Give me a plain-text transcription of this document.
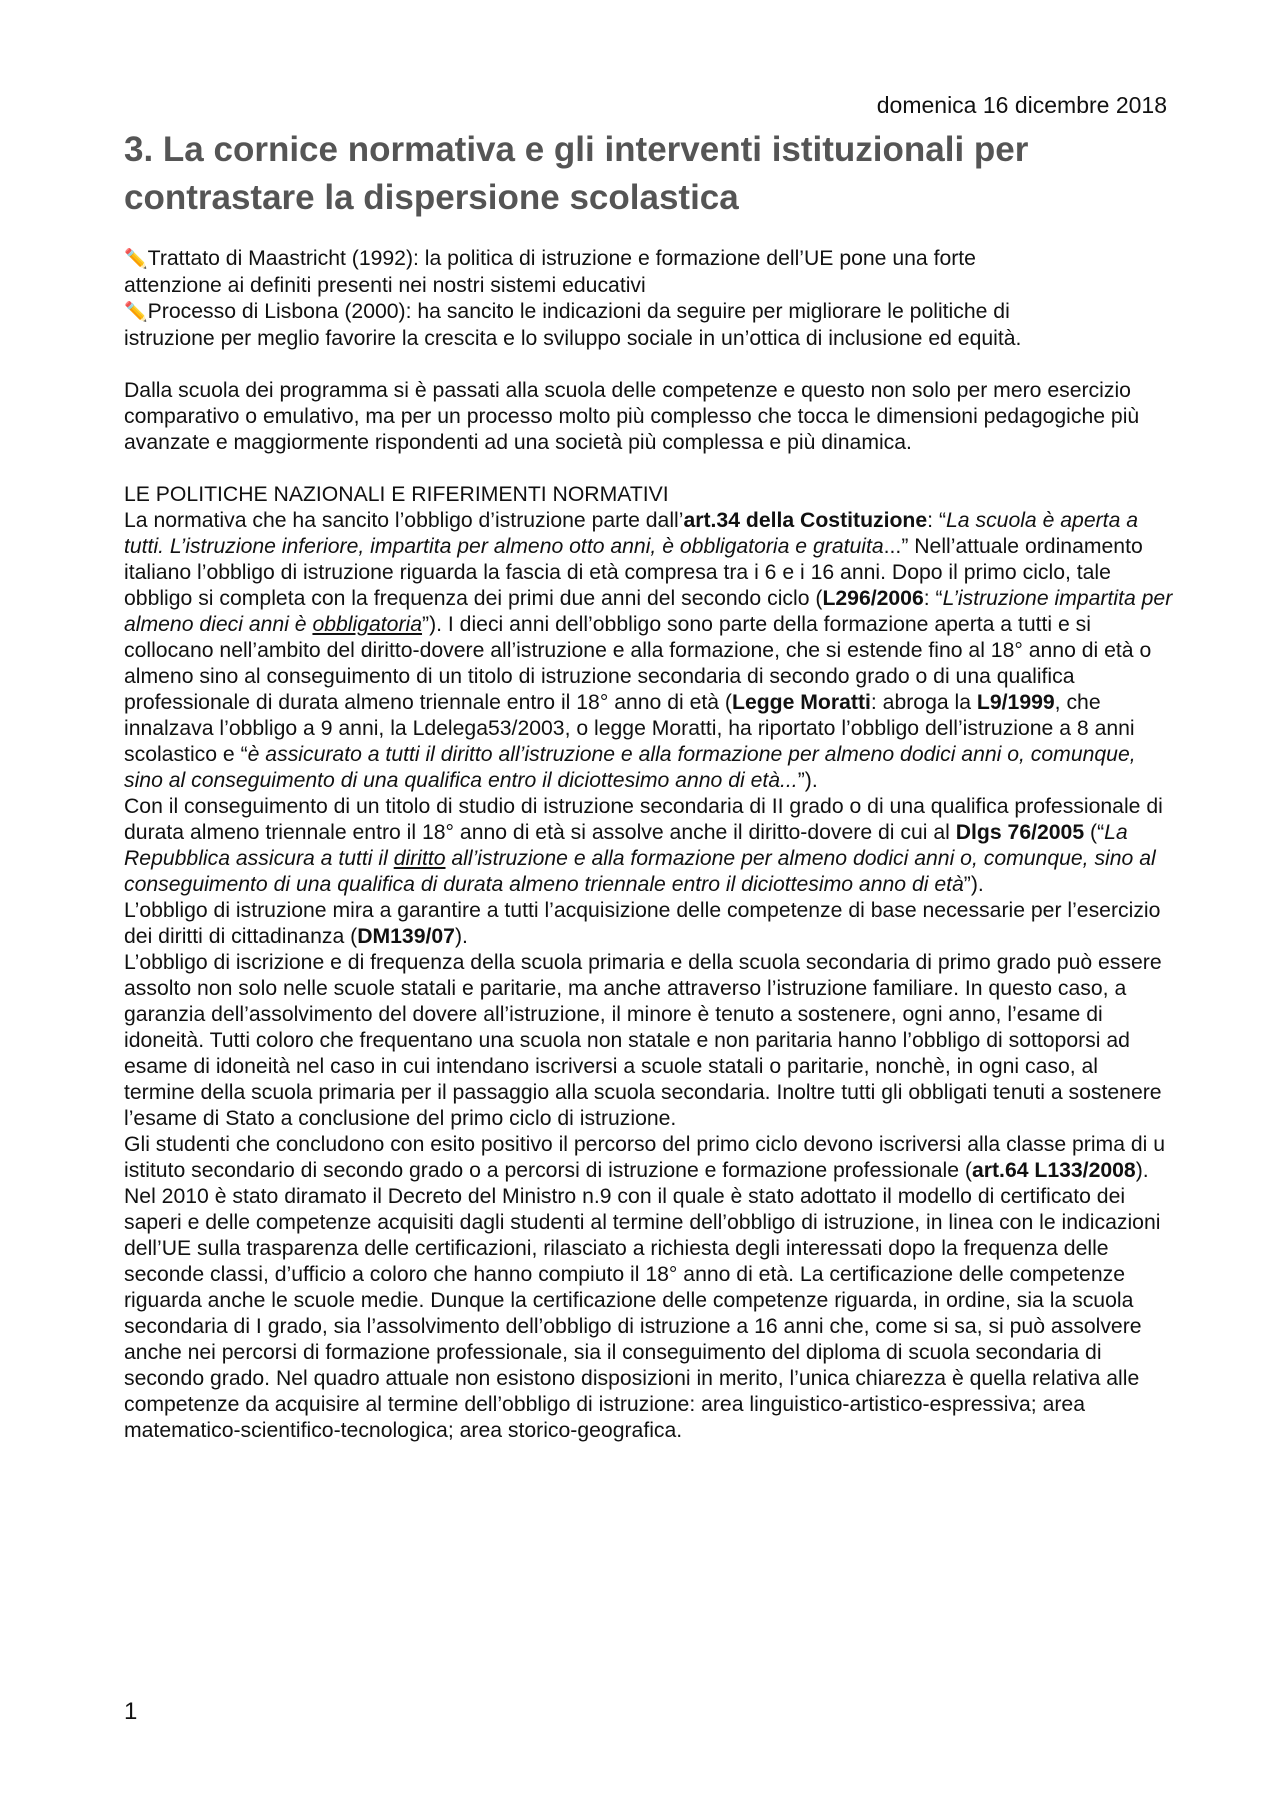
domenica 16 dicembre 2018
3. La cornice normativa e gli interventi istituzionali per contrastare la dispersione scolastica

✏️Trattato di Maastricht (1992): la politica di istruzione e formazione dell’UE pone una forte
attenzione ai definiti presenti nei nostri sistemi educativi

✏️Processo di Lisbona (2000): ha sancito le indicazioni da seguire per migliorare le politiche di
istruzione per meglio favorire la crescita e lo sviluppo sociale in un’ottica di inclusione ed equità.

Dalla scuola dei programma si è passati alla scuola delle competenze e questo non solo per mero esercizio comparativo o emulativo, ma per un processo molto più complesso che tocca le dimensioni pedagogiche più avanzate e maggiormente rispondenti ad una società più complessa e più dinamica.

LE POLITICHE NAZIONALI E RIFERIMENTI NORMATIVI

La normativa che ha sancito l’obbligo d’istruzione parte dall’art.34 della Costituzione: “La scuola è aperta a tutti. L’istruzione inferiore, impartita per almeno otto anni, è obbligatoria e gratuita...” Nell’attuale ordinamento italiano l’obbligo di istruzione riguarda la fascia di età compresa tra i 6 e i 16 anni. Dopo il primo ciclo, tale obbligo si completa con la frequenza dei primi due anni del secondo ciclo (L296/2006: “L’istruzione impartita per almeno dieci anni è obbligatoria”). I dieci anni dell’obbligo sono parte della formazione aperta a tutti e si collocano nell’ambito del diritto-dovere all’istruzione e alla formazione, che si estende fino al 18° anno di età o almeno sino al conseguimento di un titolo di istruzione secondaria di secondo grado o di una qualifica professionale di durata almeno triennale entro il 18° anno di età (Legge Moratti: abroga la L9/1999, che innalzava l’obbligo a 9 anni, la Ldelega53/2003, o legge Moratti, ha riportato l’obbligo dell’istruzione a 8 anni scolastico e “è assicurato a tutti il diritto all’istruzione e alla formazione per almeno dodici anni o, comunque, sino al conseguimento di una qualifica entro il diciottesimo anno di età...”).

Con il conseguimento di un titolo di studio di istruzione secondaria di II grado o di una qualifica professionale di durata almeno triennale entro il 18° anno di età si assolve anche il diritto-dovere di cui al Dlgs 76/2005 (“La Repubblica assicura a tutti il diritto all’istruzione e alla formazione per almeno dodici anni o, comunque, sino al conseguimento di una qualifica di durata almeno triennale entro il diciottesimo anno di età”).

L’obbligo di istruzione mira a garantire a tutti l’acquisizione delle competenze di base necessarie per l’esercizio dei diritti di cittadinanza (DM139/07).

L’obbligo di iscrizione e di frequenza della scuola primaria e della scuola secondaria di primo grado può essere assolto non solo nelle scuole statali e paritarie, ma anche attraverso l’istruzione familiare. In questo caso, a garanzia dell’assolvimento del dovere all’istruzione, il minore è tenuto a sostenere, ogni anno, l’esame di idoneità. Tutti coloro che frequentano una scuola non statale e non paritaria hanno l’obbligo di sottoporsi ad esame di idoneità nel caso in cui intendano iscriversi a scuole statali o paritarie, nonchè, in ogni caso, al termine della scuola primaria per il passaggio alla scuola secondaria. Inoltre tutti gli obbligati tenuti a sostenere l’esame di Stato a conclusione del primo ciclo di istruzione.

Gli studenti che concludono con esito positivo il percorso del primo ciclo devono iscriversi alla classe prima di u istituto secondario di secondo grado o a percorsi di istruzione e formazione professionale (art.64 L133/2008).

Nel 2010 è stato diramato il Decreto del Ministro n.9 con il quale è stato adottato il modello di certificato dei saperi e delle competenze acquisiti dagli studenti al termine dell’obbligo di istruzione, in linea con le indicazioni dell’UE sulla trasparenza delle certificazioni, rilasciato a richiesta degli interessati dopo la frequenza delle seconde classi, d’ufficio a coloro che hanno compiuto il 18° anno di età. La certificazione delle competenze riguarda anche le scuole medie. Dunque la certificazione delle competenze riguarda, in ordine, sia la scuola secondaria di I grado, sia l’assolvimento dell’obbligo di istruzione a 16 anni che, come si sa, si può assolvere anche nei percorsi di formazione professionale, sia il conseguimento del diploma di scuola secondaria di secondo grado. Nel quadro attuale non esistono disposizioni in merito, l’unica chiarezza è quella relativa alle competenze da acquisire al termine dell’obbligo di istruzione: area linguistico-artistico-espressiva; area matematico-scientifico-tecnologica; area storico-geografica.

1
